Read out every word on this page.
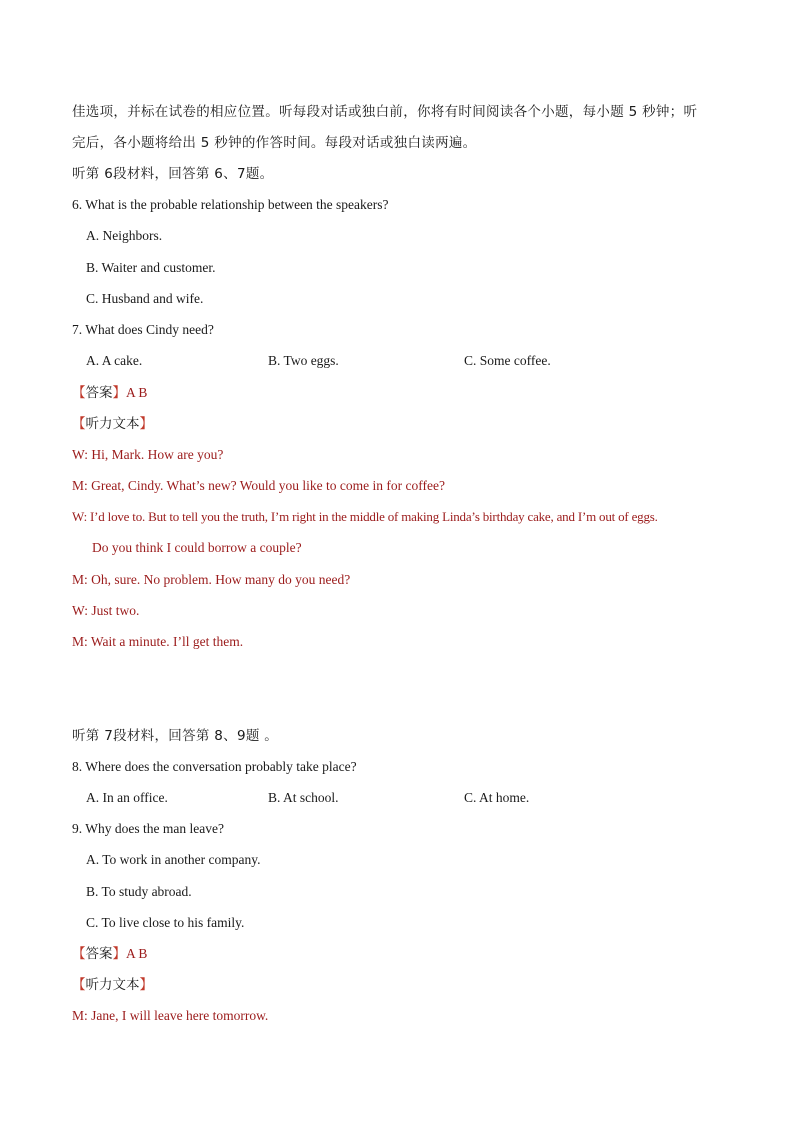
佳选项，并标在试卷的相应位置。听每段对话或独白前，你将有时间阅读各个小题，每小题 5 秒钟；听
完后，各小题将给出 5 秒钟的作答时间。每段对话或独白读两遍。
听第 6段材料，回答第 6、7题。
6. What is the probable relationship between the speakers?
A. Neighbors.
B. Waiter and customer.
C. Husband and wife.
7. What does Cindy need?
A. A cake.	B. Two eggs.	C. Some coffee.
【答案】A B
【听力文本】
W: Hi, Mark. How are you?
M: Great, Cindy. What’s new? Would you like to come in for coffee?
W: I’d love to. But to tell you the truth, I’m right in the middle of making Linda’s birthday cake, and I’m out of eggs.
Do you think I could borrow a couple?
M: Oh, sure. No problem. How many do you need?
W: Just two.
M: Wait a minute. I’ll get them.
听第 7段材料，回答第 8、9题 。
8. Where does the conversation probably take place?
A. In an office.	B. At school.	C. At home.
9. Why does the man leave?
A. To work in another company.
B. To study abroad.
C. To live close to his family.
【答案】A B
【听力文本】
M: Jane, I will leave here tomorrow.
